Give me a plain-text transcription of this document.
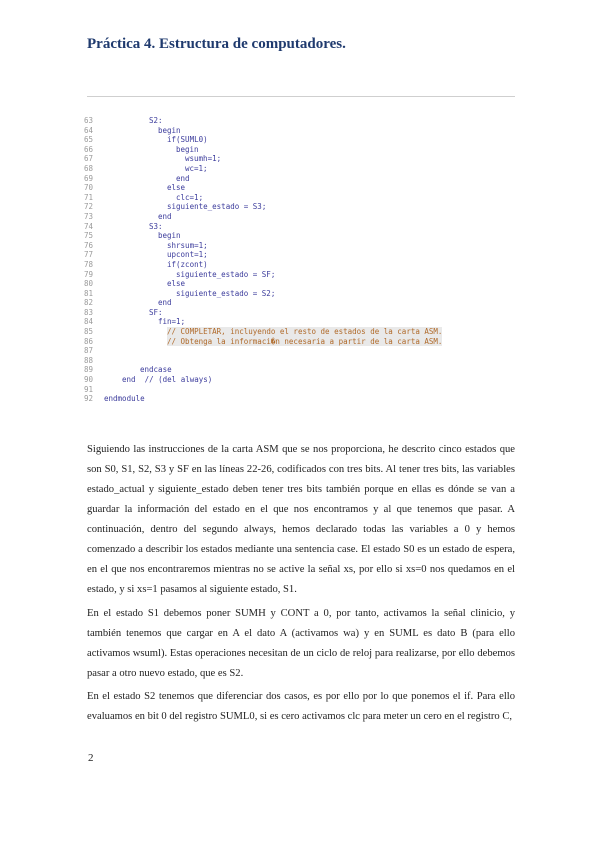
Práctica 4. Estructura de computadores.
63	S2:
64	begin
65	if(SUML0)
66	begin
67	wsumh=1;
68	wc=1;
69	end
70	else
71	clc=1;
72	siguiente_estado = S3;
73	end
74	S3:
75	begin
76	shrsum=1;
77	upcont=1;
78	if(zcont)
79	siguiente_estado = SF;
80	else
81	siguiente_estado = S2;
82	end
83	SF:
84	fin=1;
85	// COMPLETAR, incluyendo el resto de estados de la carta ASM.
86	// Obtenga la informaci�n necesaria a partir de la carta ASM.
87
88
89	endcase
90	end  // (del always)
91
92 endmodule

Siguiendo las instrucciones de la carta ASM que se nos proporciona, he descrito cinco estados que son S0, S1, S2, S3 y SF en las líneas 22-26, codificados con tres bits. Al tener tres bits, las variables estado_actual y siguiente_estado deben tener tres bits también porque en ellas es dónde se van a guardar la información del estado en el que nos encontramos y al que tenemos que pasar. A continuación, dentro del segundo always, hemos declarado todas las variables a 0 y hemos comenzado a describir los estados mediante una sentencia case. El estado S0 es un estado de espera, en el que nos encontraremos mientras no se active la señal xs, por ello si xs=0 nos quedamos en el estado, y si xs=1 pasamos al siguiente estado, S1.

En el estado S1 debemos poner SUMH y CONT a 0, por tanto, activamos la señal clinicio, y también tenemos que cargar en A el dato A (activamos wa) y en SUML es dato B (para ello activamos wsuml). Estas operaciones necesitan de un ciclo de reloj para realizarse, por ello debemos pasar a otro nuevo estado, que es S2.

En el estado S2 tenemos que diferenciar dos casos, es por ello por lo que ponemos el if. Para ello evaluamos en bit 0 del registro SUML0, si es cero activamos clc para meter un cero en el registro C,

2
